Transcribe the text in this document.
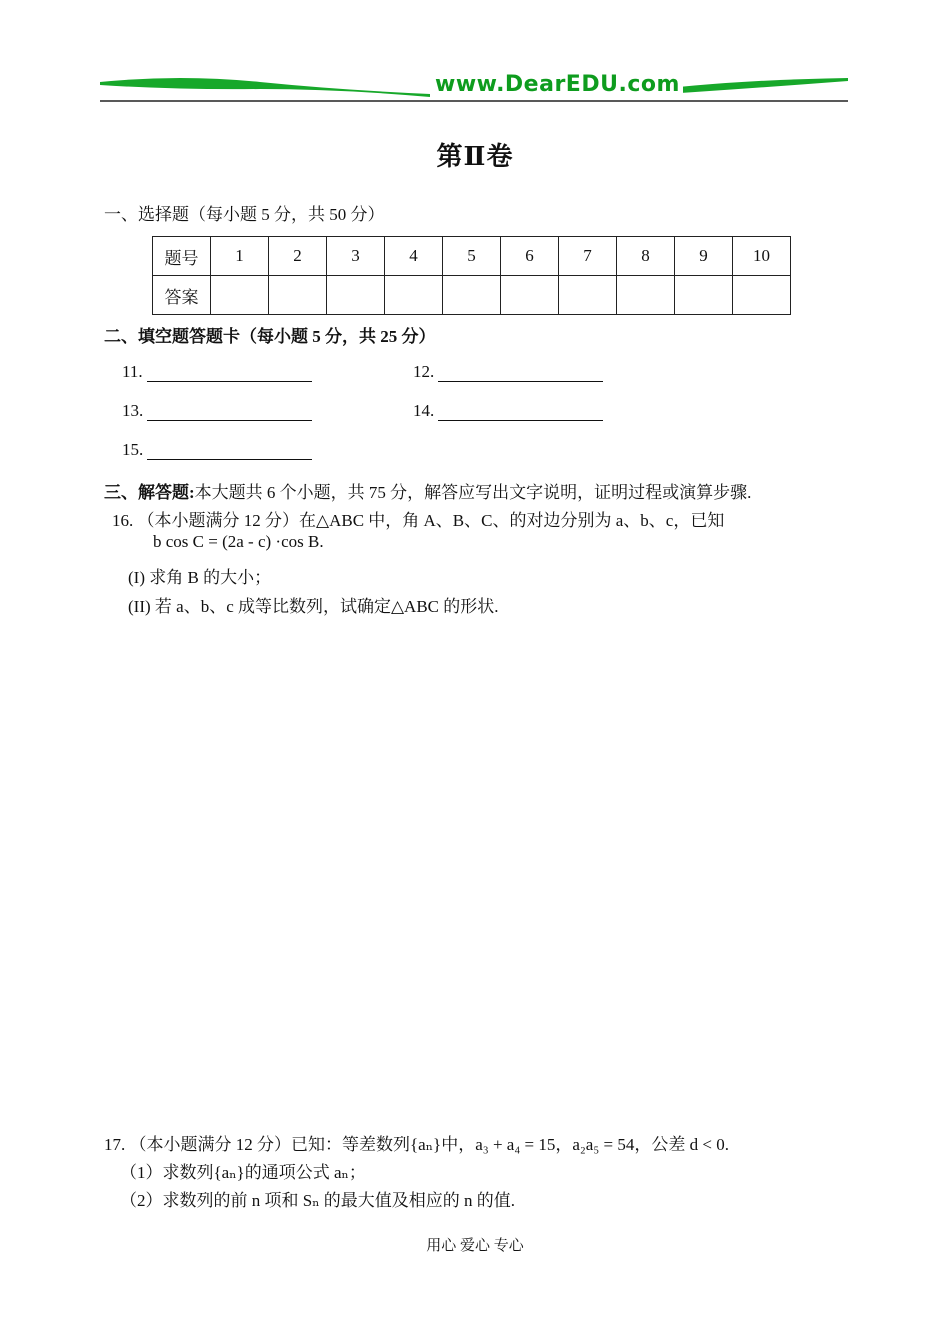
www.DearEDU.com
第Ⅱ卷
一、选择题（每小题 5 分，共 50 分）
题号	1	2	3	4	5	6	7	8	9	10
答案										
二、填空题答题卡（每小题 5 分，共 25 分）
11.	12.
13.	14.
15.
三、解答题:本大题共 6 个小题，共 75 分，解答应写出文字说明，证明过程或演算步骤.
16. （本小题满分 12 分）在△ABC 中，角 A、B、C、的对边分别为 a、b、c，已知
b cos C = (2a - c) ·cos B.
(I) 求角 B 的大小；
(II) 若 a、b、c 成等比数列，试确定△ABC 的形状.
17. （本小题满分 12 分）已知：等差数列{aₙ}中，a₃ + a₄ = 15，a₂a₅ = 54，公差 d < 0.
（1）求数列{aₙ}的通项公式 aₙ；
（2）求数列的前 n 项和 Sₙ 的最大值及相应的 n 的值.
用心 爱心 专心
